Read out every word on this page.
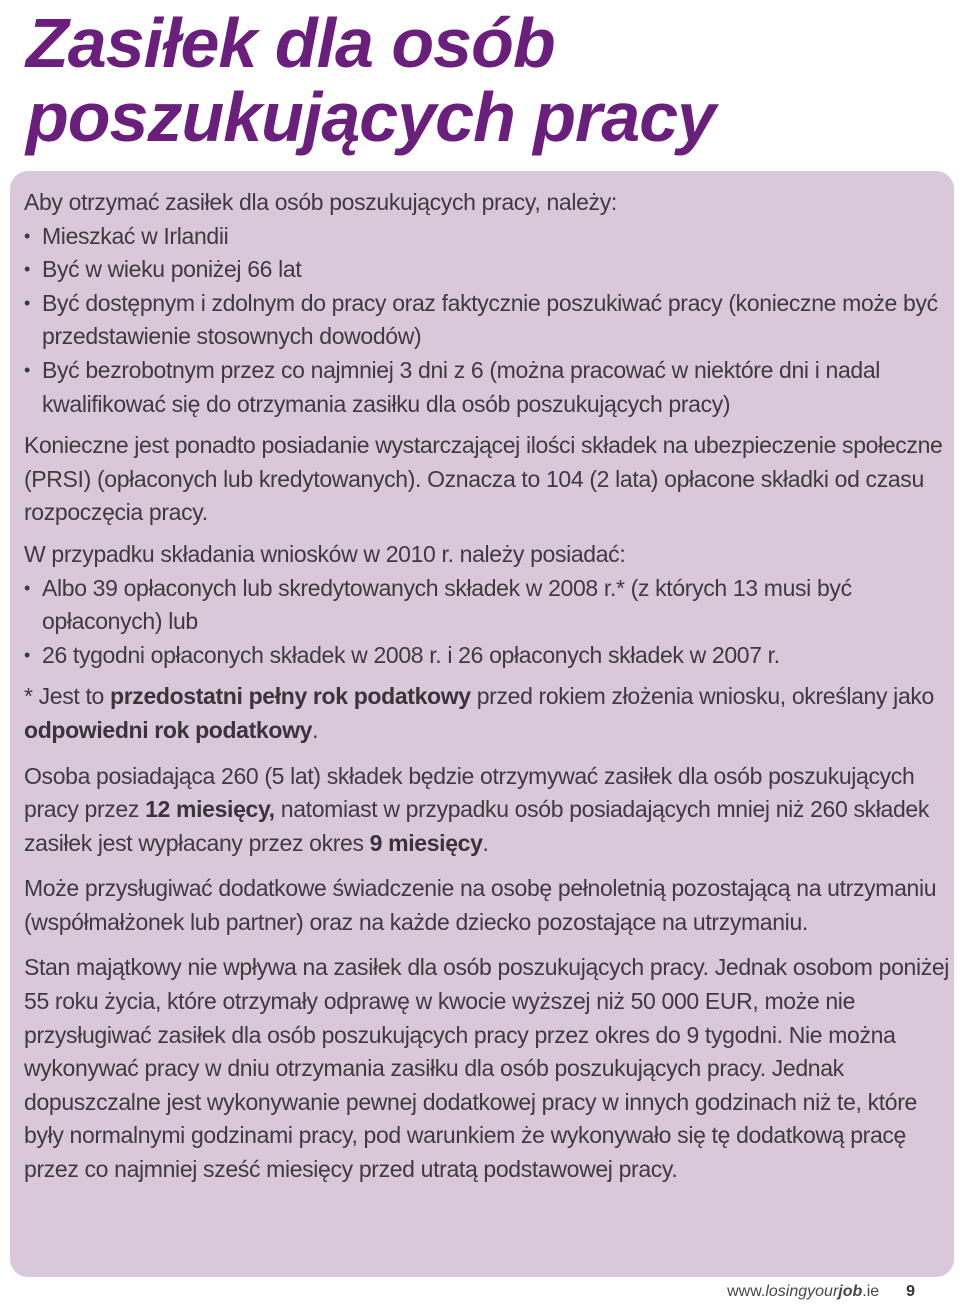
Zasiłek dla osób
poszukujących pracy

Aby otrzymać zasiłek dla osób poszukujących pracy, należy:

• Mieszkać w Irlandii
• Być w wieku poniżej 66 lat
• Być dostępnym i zdolnym do pracy oraz faktycznie poszukiwać pracy (konieczne może być przedstawienie stosownych dowodów)
• Być bezrobotnym przez co najmniej 3 dni z 6 (można pracować w niektóre dni i nadal kwalifikować się do otrzymania zasiłku dla osób poszukujących pracy)

Konieczne jest ponadto posiadanie wystarczającej ilości składek na ubezpieczenie społeczne (PRSI) (opłaconych lub kredytowanych). Oznacza to 104 (2 lata) opłacone składki od czasu rozpoczęcia pracy.

W przypadku składania wniosków w 2010 r. należy posiadać:

• Albo 39 opłaconych lub skredytowanych składek w 2008 r.* (z których 13 musi być opłaconych) lub
• 26 tygodni opłaconych składek w 2008 r. i 26 opłaconych składek w 2007 r.

* Jest to przedostatni pełny rok podatkowy przed rokiem złożenia wniosku, określany jako odpowiedni rok podatkowy.

Osoba posiadająca 260 (5 lat) składek będzie otrzymywać zasiłek dla osób poszukujących pracy przez 12 miesięcy, natomiast w przypadku osób posiadających mniej niż 260 składek zasiłek jest wypłacany przez okres 9 miesięcy.

Może przysługiwać dodatkowe świadczenie na osobę pełnoletnią pozostającą na utrzymaniu (współmałżonek lub partner) oraz na każde dziecko pozostające na utrzymaniu.

Stan majątkowy nie wpływa na zasiłek dla osób poszukujących pracy. Jednak osobom poniżej 55 roku życia, które otrzymały odprawę w kwocie wyższej niż 50 000 EUR, może nie przysługiwać zasiłek dla osób poszukujących pracy przez okres do 9 tygodni. Nie można wykonywać pracy w dniu otrzymania zasiłku dla osób poszukujących pracy. Jednak dopuszczalne jest wykonywanie pewnej dodatkowej pracy w innych godzinach niż te, które były normalnymi godzinami pracy, pod warunkiem że wykonywało się tę dodatkową pracę przez co najmniej sześć miesięcy przed utratą podstawowej pracy.

www.losingyourjob.ie 9
